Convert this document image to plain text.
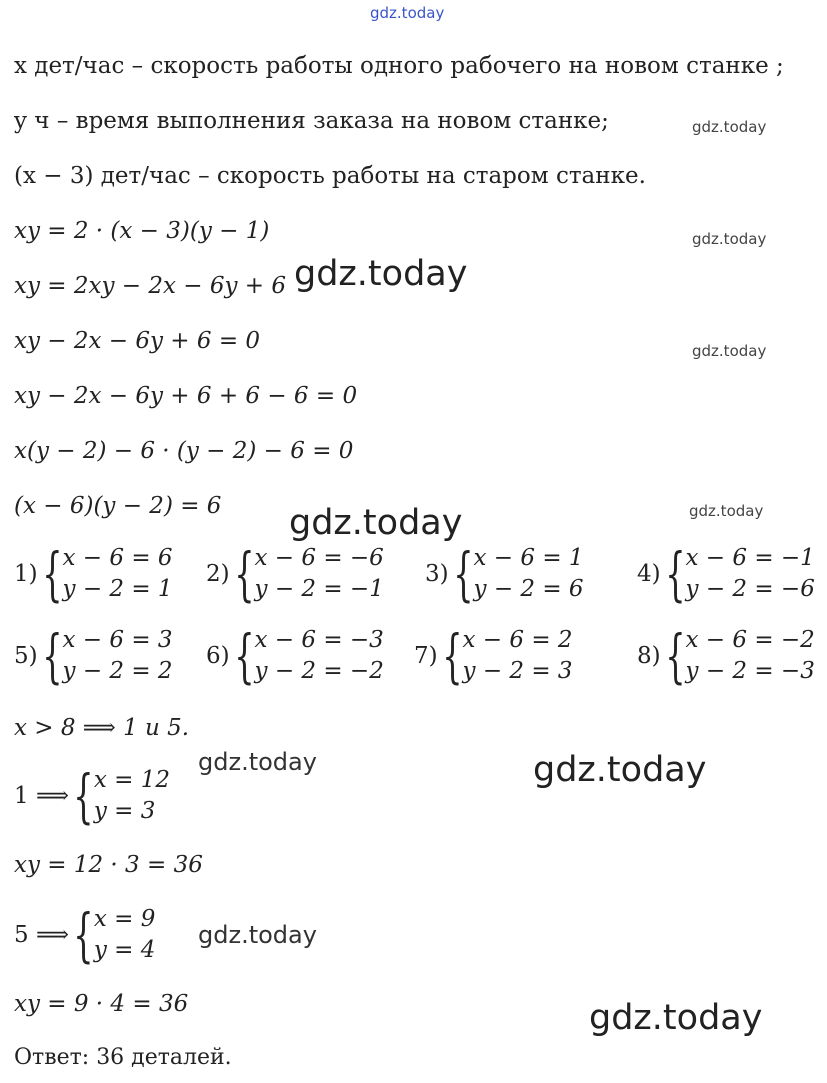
gdz.today
x дет/час – скорость работы одного рабочего на новом станке ;
y ч – время выполнения заказа на новом станке;
(x − 3) дет/час – скорость работы на старом станке.
xy = 2 · (x − 3)(y − 1)
xy = 2xy − 2x − 6y + 6
xy − 2x − 6y + 6 = 0
xy − 2x − 6y + 6 + 6 − 6 = 0
x(y − 2) − 6 · (y − 2) − 6 = 0
(x − 6)(y − 2) = 6
1) { x − 6 = 6
y − 2 = 1
2) { x − 6 = −6
y − 2 = −1
3) { x − 6 = 1
y − 2 = 6
4) { x − 6 = −1
y − 2 = −6
5) { x − 6 = 3
y − 2 = 2
6) { x − 6 = −3
y − 2 = −2
7) { x − 6 = 2
y − 2 = 3
8) { x − 6 = −2
y − 2 = −3
x > 8 ⟹ 1 и 5.
1 ⟹ { x = 12
y = 3
xy = 12 · 3 = 36
5 ⟹ { x = 9
y = 4
xy = 9 · 4 = 36
Ответ: 36 деталей.
gdz.today
gdz.today
gdz.today
gdz.today
gdz.today
gdz.today
gdz.today
gdz.today
gdz.today
gdz.today
